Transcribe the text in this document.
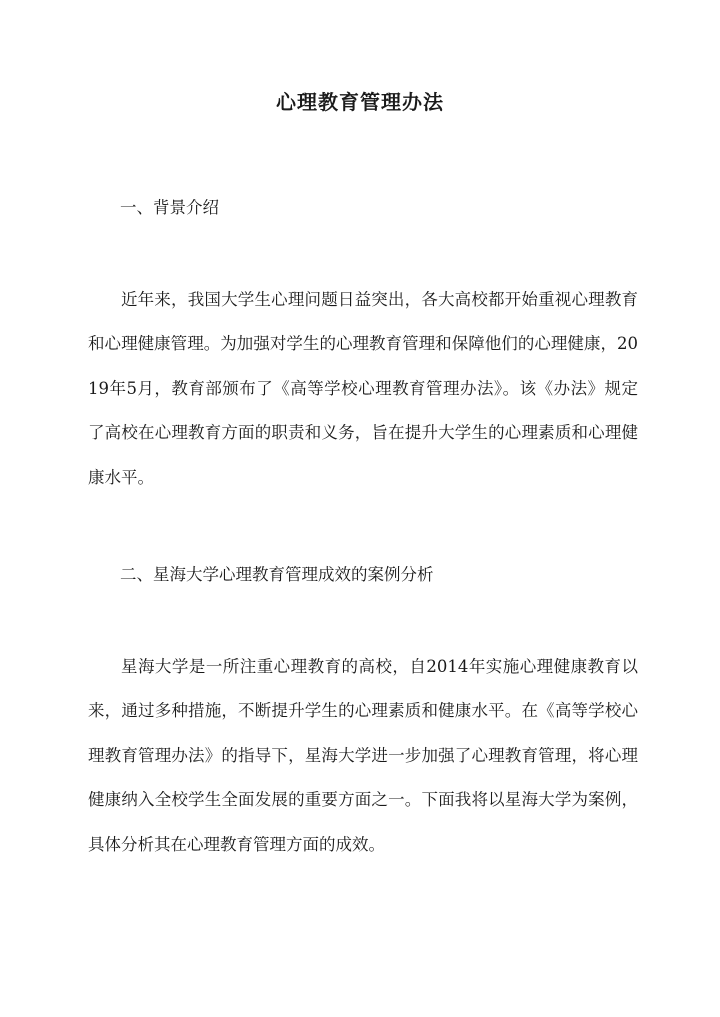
心理教育管理办法
一、背景介绍
近年来，我国大学生心理问题日益突出，各大高校都开始重视心理教育和心理健康管理。为加强对学生的心理教育管理和保障他们的心理健康，2019年5月，教育部颁布了《高等学校心理教育管理办法》。该《办法》规定了高校在心理教育方面的职责和义务，旨在提升大学生的心理素质和心理健康水平。
二、星海大学心理教育管理成效的案例分析
星海大学是一所注重心理教育的高校，自2014年实施心理健康教育以来，通过多种措施，不断提升学生的心理素质和健康水平。在《高等学校心理教育管理办法》的指导下，星海大学进一步加强了心理教育管理，将心理健康纳入全校学生全面发展的重要方面之一。下面我将以星海大学为案例，具体分析其在心理教育管理方面的成效。
